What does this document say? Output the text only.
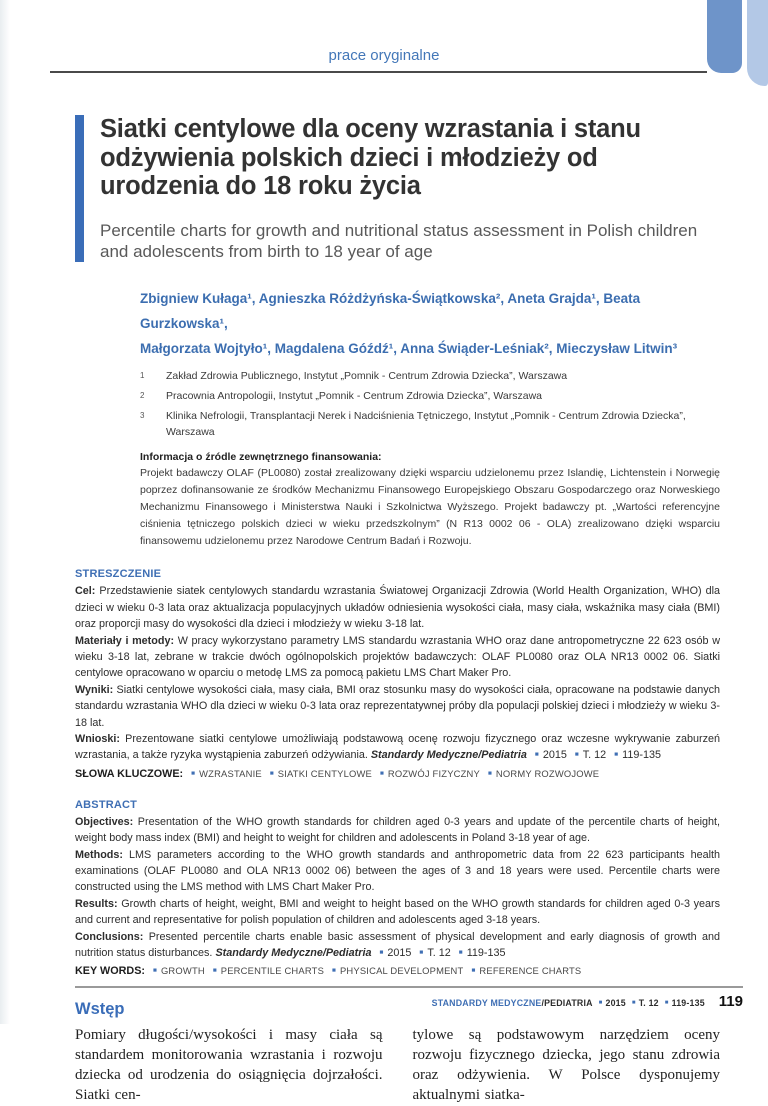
prace oryginalne
Siatki centylowe dla oceny wzrastania i stanu odżywienia polskich dzieci i młodzieży od urodzenia do 18 roku życia

Percentile charts for growth and nutritional status assessment in Polish children and adolescents from birth to 18 year of age

Zbigniew Kułaga¹, Agnieszka Różdżyńska-Świątkowska², Aneta Grajda¹, Beata Gurzkowska¹,
Małgorzata Wojtyło¹, Magdalena Góźdź¹, Anna Świąder-Leśniak², Mieczysław Litwin³
1	Zakład Zdrowia Publicznego, Instytut „Pomnik - Centrum Zdrowia Dziecka”, Warszawa
2	Pracownia Antropologii, Instytut „Pomnik - Centrum Zdrowia Dziecka”, Warszawa
3	Klinika Nefrologii, Transplantacji Nerek i Nadciśnienia Tętniczego, Instytut „Pomnik - Centrum Zdrowia Dziecka”, Warszawa
Informacja o źródle zewnętrznego finansowania:
Projekt badawczy OLAF (PL0080) został zrealizowany dzięki wsparciu udzielonemu przez Islandię, Lichtenstein i Norwegię poprzez dofinansowanie ze środków Mechanizmu Finansowego Europejskiego Obszaru Gospodarczego oraz Norweskiego Mechanizmu Finansowego i Ministerstwa Nauki i Szkolnictwa Wyższego. Projekt badawczy pt. „Wartości referencyjne ciśnienia tętniczego polskich dzieci w wieku przedszkolnym” (N R13 0002 06 - OLA) zrealizowano dzięki wsparciu finansowemu udzielonemu przez Narodowe Centrum Badań i Rozwoju.
STRESZCZENIE

Cel: Przedstawienie siatek centylowych standardu wzrastania Światowej Organizacji Zdrowia (World Health Organization, WHO) dla dzieci w wieku 0-3 lata oraz aktualizacja populacyjnych układów odniesienia wysokości ciała, masy ciała, wskaźnika masy ciała (BMI) oraz proporcji masy do wysokości dla dzieci i młodzieży w wieku 3-18 lat.

Materiały i metody: W pracy wykorzystano parametry LMS standardu wzrastania WHO oraz dane antropometryczne 22 623 osób w wieku 3-18 lat, zebrane w trakcie dwóch ogólnopolskich projektów badawczych: OLAF PL0080 oraz OLA NR13 0002 06. Siatki centylowe opracowano w oparciu o metodę LMS za pomocą pakietu LMS Chart Maker Pro.

Wyniki: Siatki centylowe wysokości ciała, masy ciała, BMI oraz stosunku masy do wysokości ciała, opracowane na podstawie danych standardu wzrastania WHO dla dzieci w wieku 0-3 lata oraz reprezentatywnej próby dla populacji polskiej dzieci i młodzieży w wieku 3-18 lat.

Wnioski: Prezentowane siatki centylowe umożliwiają podstawową ocenę rozwoju fizycznego oraz wczesne wykrywanie zaburzeń wzrastania, a także ryzyka wystąpienia zaburzeń odżywiania. Standardy Medyczne/Pediatria ■ 2015 ■ T. 12 ■ 119-135

SŁOWA KLUCZOWE: ■ WZRASTANIE ■ SIATKI CENTYLOWE ■ ROZWÓJ FIZYCZNY ■ NORMY ROZWOJOWE
ABSTRACT

Objectives: Presentation of the WHO growth standards for children aged 0-3 years and update of the percentile charts of height, weight body mass index (BMI) and height to weight for children and adolescents in Poland 3-18 year of age.

Methods: LMS parameters according to the WHO growth standards and anthropometric data from 22 623 participants health examinations (OLAF PL0080 and OLA NR13 0002 06) between the ages of 3 and 18 years were used. Percentile charts were constructed using the LMS method with LMS Chart Maker Pro.

Results: Growth charts of height, weight, BMI and weight to height based on the WHO growth standards for children aged 0-3 years and current and representative for polish population of children and adolescents aged 3-18 years.

Conclusions: Presented percentile charts enable basic assessment of physical development and early diagnosis of growth and nutrition status disturbances. Standardy Medyczne/Pediatria ■ 2015 ■ T. 12 ■ 119-135

KEY WORDS: ■ GROWTH ■ PERCENTILE CHARTS ■ PHYSICAL DEVELOPMENT ■ REFERENCE CHARTS
Wstęp
Pomiary długości/wysokości i masy ciała są standardem monitorowania wzrastania i rozwoju dziecka od urodzenia do osiągnięcia dojrzałości. Siatki cen-
tylowe są podstawowym narzędziem oceny rozwoju fizycznego dziecka, jego stanu zdrowia oraz odżywienia. W Polsce dysponujemy aktualnymi siatka-
STANDARDY MEDYCZNE/PEDIATRIA ■ 2015 ■ T. 12 ■ 119-135 119
